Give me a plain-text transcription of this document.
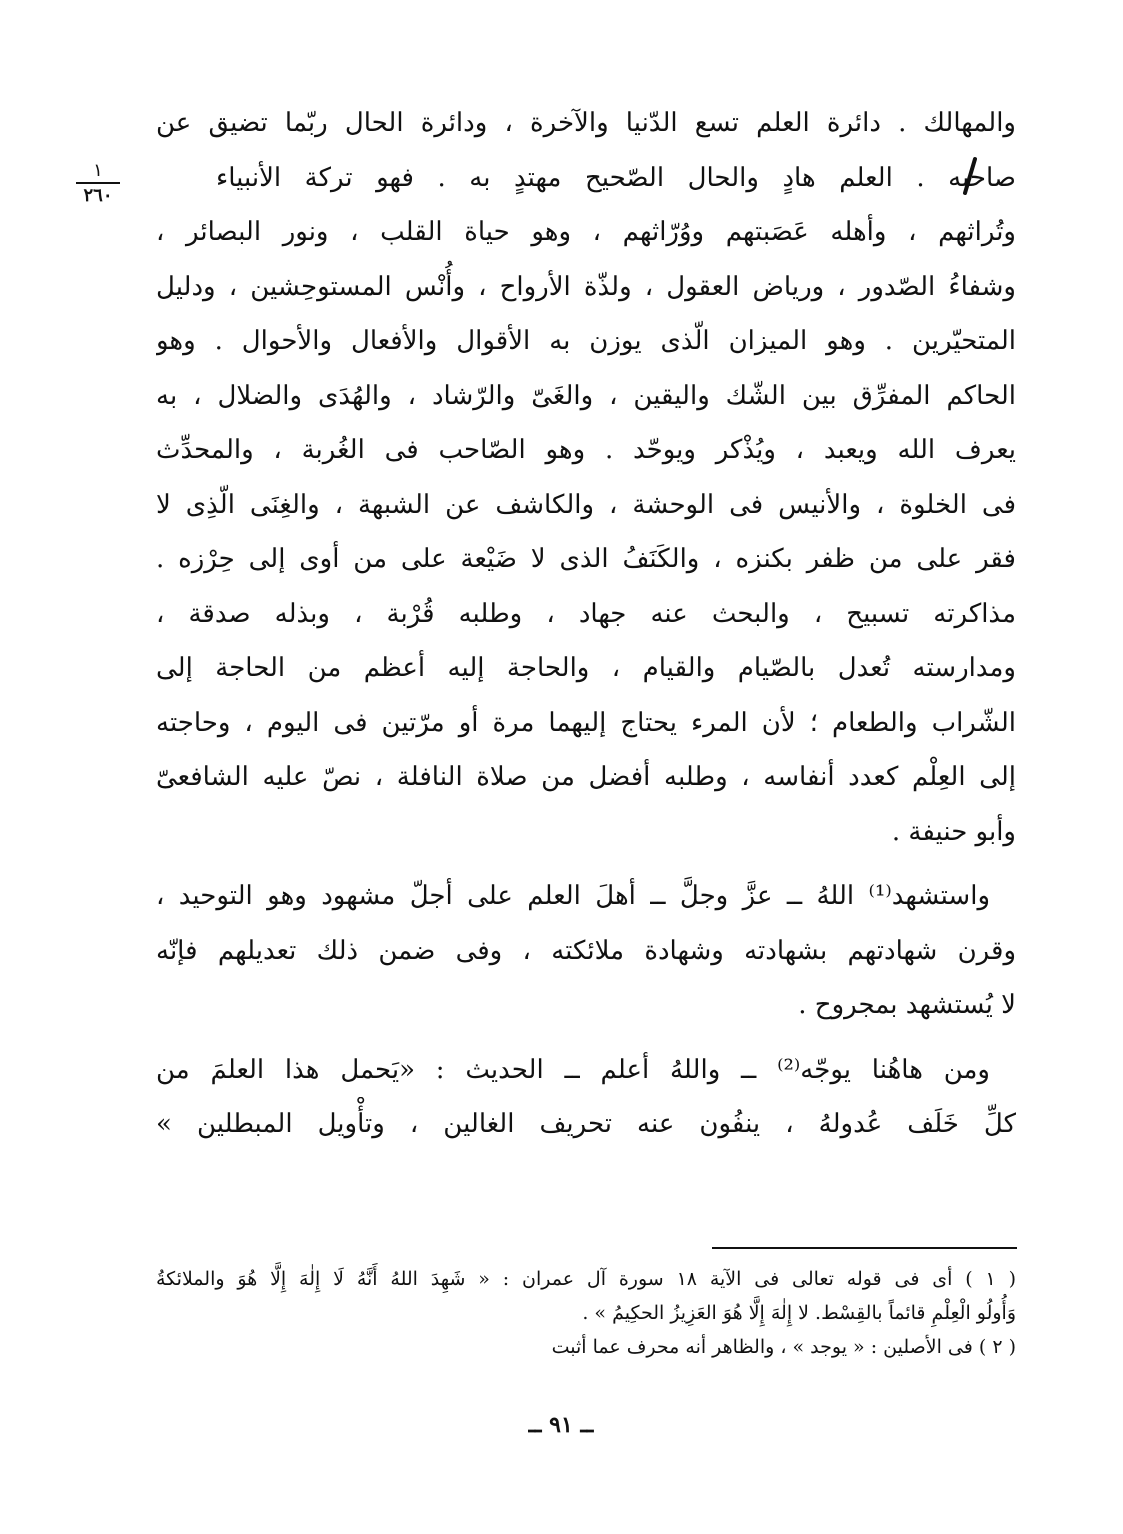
١
٢٦٠
والمهالك . دائرة العلم تسع الدّنيا والآخرة ، ودائرة الحال ربّما تضيق عن
صاحبه . العلم هادٍ والحال الصّحيح مهتدٍ به . فهو تركة الأنبياء
وتُراثهم ، وأهله عَصَبتهم ووُرّاثهم ، وهو حياة القلب ، ونور البصائر ،
وشفاءُ الصّدور ، ورياض العقول ، ولذّة الأرواح ، وأُنْس المستوحِشين ، ودليل
المتحيّرين . وهو الميزان الّذى يوزن به الأقوال والأفعال والأحوال . وهو
الحاكم المفرِّق بين الشّك واليقين ، والغَىّ والرّشاد ، والهُدَى والضلال ، به
يعرف الله ويعبد ، ويُذْكر ويوحّد . وهو الصّاحب فى الغُربة ، والمحدِّث
فى الخلوة ، والأنيس فى الوحشة ، والكاشف عن الشبهة ، والغِنَى الّذِى لا
فقر على من ظفر بكنزه ، والكَنَفُ الذى لا ضَيْعة على من أوى إلى حِرْزه .
مذاكرته تسبيح ، والبحث عنه جهاد ، وطلبه قُرْبة ، وبذله صدقة ،
ومدارسته تُعدل بالصّيام والقيام ، والحاجة إليه أعظم من الحاجة إلى
الشّراب والطعام ؛ لأن المرء يحتاج إليهما مرة أو مرّتين فى اليوم ، وحاجته
إلى العِلْم كعدد أنفاسه ، وطلبه أفضل من صلاة النافلة ، نصّ عليه الشافعىّ
وأبو حنيفة .
واستشهد⁽¹⁾ اللهُ ــ عزَّ وجلَّ ــ أهلَ العلم على أجلّ مشهود وهو التوحيد ،
وقرن شهادتهم بشهادته وشهادة ملائكته ، وفى ضمن ذلك تعديلهم فإنّه
لا يُستشهد بمجروح .
ومن هاهُنا يوجّه⁽²⁾ ــ واللهُ أعلم ــ الحديث : «يَحمل هذا العلمَ من
كلِّ خَلَف عُدولهُ ، ينفُون عنه تحريف الغالين ، وتأْويل المبطلين »
( ١ ) أى فى قوله تعالى فى الآية ١٨ سورة آل عمران : « شَهِدَ اللهُ أَنَّهُ لَا إِلٰهَ إِلَّا هُوَ والملائكةُ
وَأُولُو الْعِلْمِ قائماً بالقِسْط. لا إِلٰهَ إِلَّا هُوَ العَزِيزُ الحكِيمُ » .
( ٢ ) فى الأصلين : « يوجد » ، والظاهر أنه محرف عما أثبت
ــ ٩١ ــ
